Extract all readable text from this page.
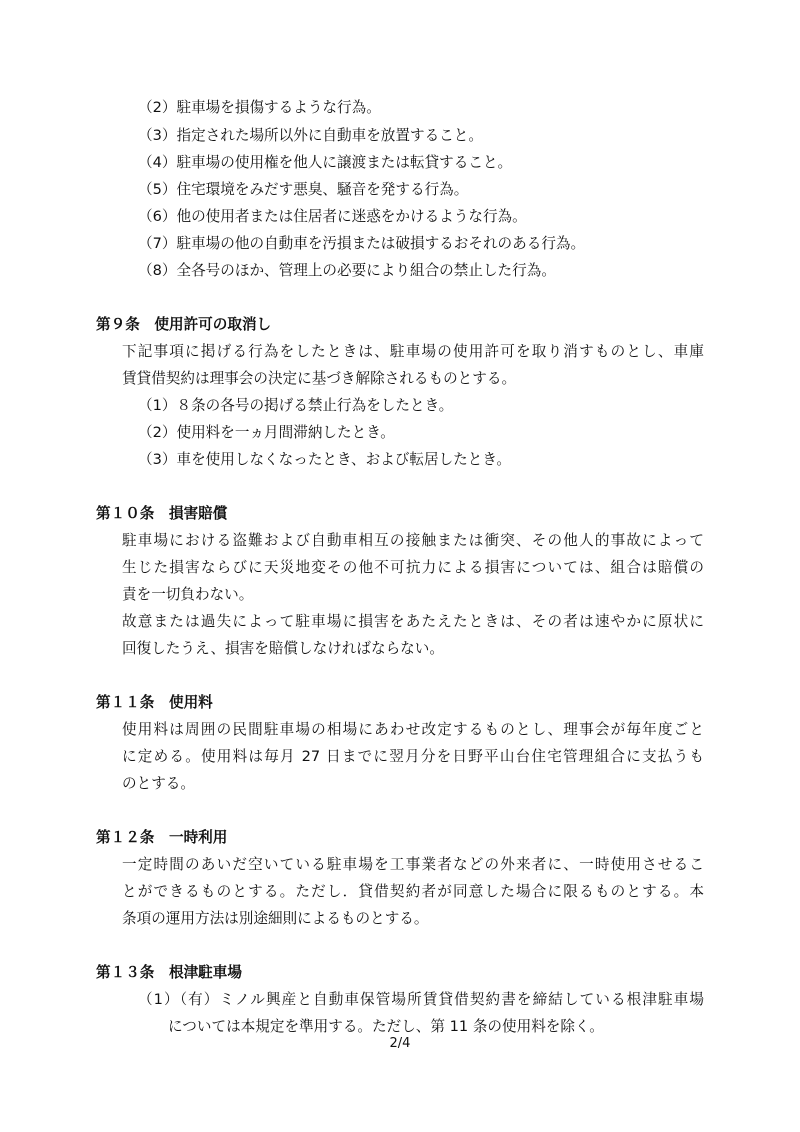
（2）駐車場を損傷するような行為。
（3）指定された場所以外に自動車を放置すること。
（4）駐車場の使用権を他人に譲渡または転貸すること。
（5）住宅環境をみだす悪臭、騒音を発する行為。
（6）他の使用者または住居者に迷惑をかけるような行為。
（7）駐車場の他の自動車を汚損または破損するおそれのある行為。
（8）全各号のほか、管理上の必要により組合の禁止した行為。
第９条　使用許可の取消し
下記事項に掲げる行為をしたときは、駐車場の使用許可を取り消すものとし、車庫
賃貸借契約は理事会の決定に基づき解除されるものとする。
（1）８条の各号の掲げる禁止行為をしたとき。
（2）使用料を一ヵ月間滞納したとき。
（3）車を使用しなくなったとき、および転居したとき。
第１０条　損害賠償
駐車場における盗難および自動車相互の接触または衝突、その他人的事故によって
生じた損害ならびに天災地変その他不可抗力による損害については、組合は賠償の
責を一切負わない。
故意または過失によって駐車場に損害をあたえたときは、その者は速やかに原状に
回復したうえ、損害を賠償しなければならない。
第１１条　使用料
使用料は周囲の民間駐車場の相場にあわせ改定するものとし、理事会が毎年度ごと
に定める。使用料は毎月 27 日までに翌月分を日野平山台住宅管理組合に支払うも
のとする。
第１２条　一時利用
一定時間のあいだ空いている駐車場を工事業者などの外来者に、一時使用させるこ
とができるものとする。ただし．貸借契約者が同意した場合に限るものとする。本
条項の運用方法は別途細則によるものとする。
第１３条　根津駐車場
（1）（有）ミノル興産と自動車保管場所賃貸借契約書を締結している根津駐車場
については本規定を準用する。ただし、第 11 条の使用料を除く。
2/4
